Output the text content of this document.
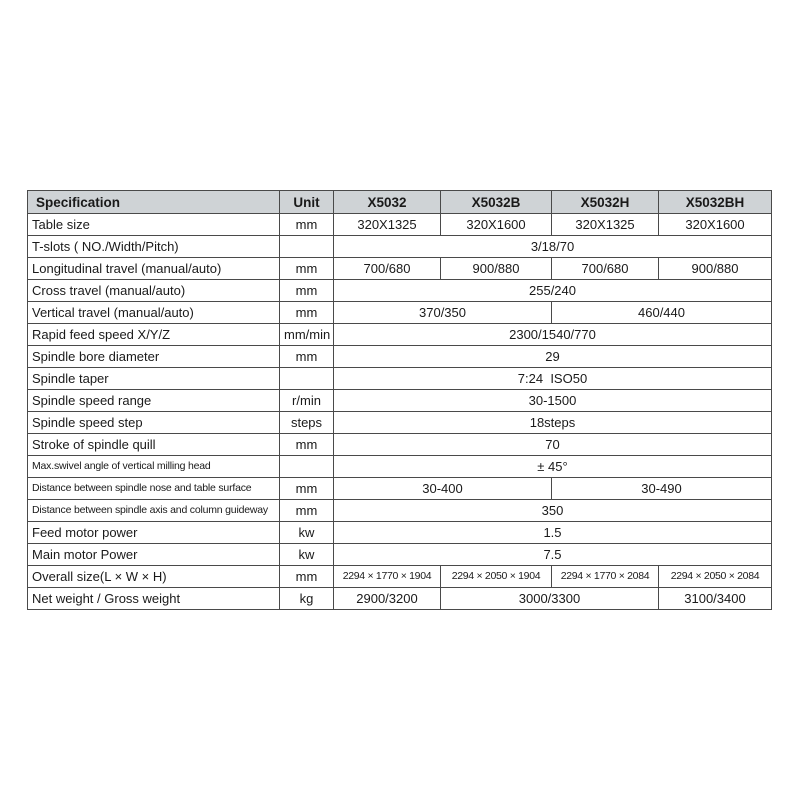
Specification	Unit	X5032	X5032B	X5032H	X5032BH
Table size	mm	320X1325	320X1600	320X1325	320X1600
T-slots ( NO./Width/Pitch)		3/18/70			
Longitudinal travel (manual/auto)	mm	700/680	900/880	700/680	900/880
Cross travel (manual/auto)	mm	255/240			
Vertical travel (manual/auto)	mm	370/350		460/440	
Rapid feed speed X/Y/Z	mm/min	2300/1540/770			
Spindle bore diameter	mm	29			
Spindle taper		7:24  ISO50			
Spindle speed range	r/min	30-1500			
Spindle speed step	steps	18steps			
Stroke of spindle quill	mm	70			
Max.swivel angle of vertical milling head		± 45°			
Distance between spindle nose and table surface	mm	30-400		30-490	
Distance between spindle axis and column guideway	mm	350			
Feed motor power	kw	1.5			
Main motor Power	kw	7.5			
Overall size(L × W × H)	mm	2294 × 1770 × 1904	2294 × 2050 × 1904	2294 × 1770 × 2084	2294 × 2050 × 2084
Net weight / Gross weight	kg	2900/3200	3000/3300		3100/3400
